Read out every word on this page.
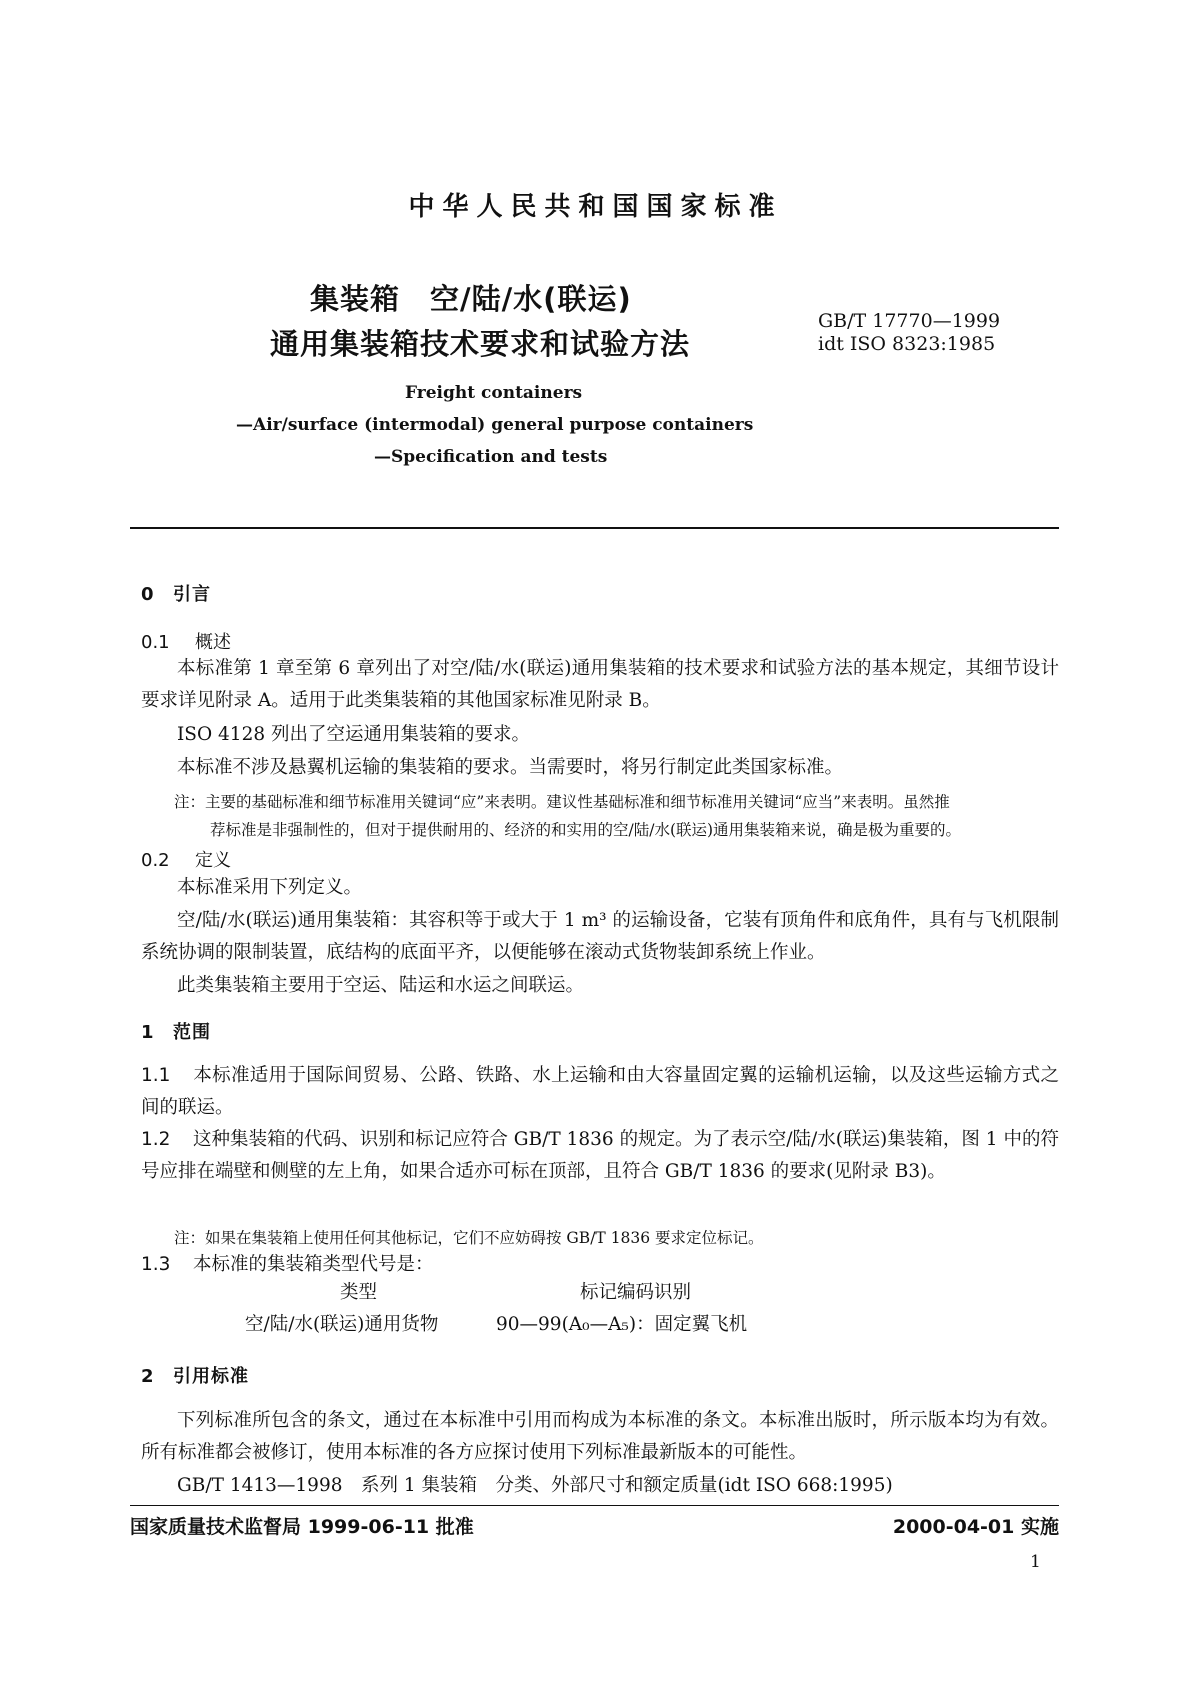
中华人民共和国国家标准
集装箱　空/陆/水(联运)
通用集装箱技术要求和试验方法
GB/T 17770—1999
idt ISO 8323:1985
Freight containers
—Air/surface (intermodal) general purpose containers
—Specification and tests
0 引言
0.1 概述
本标准第 1 章至第 6 章列出了对空/陆/水(联运)通用集装箱的技术要求和试验方法的基本规定，其细节设计要求详见附录 A。适用于此类集装箱的其他国家标准见附录 B。
ISO 4128 列出了空运通用集装箱的要求。
本标准不涉及悬翼机运输的集装箱的要求。当需要时，将另行制定此类国家标准。
注：主要的基础标准和细节标准用关键词“应”来表明。建议性基础标准和细节标准用关键词“应当”来表明。虽然推
荐标准是非强制性的，但对于提供耐用的、经济的和实用的空/陆/水(联运)通用集装箱来说，确是极为重要的。
0.2 定义
本标准采用下列定义。
空/陆/水(联运)通用集装箱：其容积等于或大于 1 m³ 的运输设备，它装有顶角件和底角件，具有与飞机限制系统协调的限制装置，底结构的底面平齐，以便能够在滚动式货物装卸系统上作业。
此类集装箱主要用于空运、陆运和水运之间联运。
1 范围
1.1 本标准适用于国际间贸易、公路、铁路、水上运输和由大容量固定翼的运输机运输，以及这些运输方式之间的联运。
1.2 这种集装箱的代码、识别和标记应符合 GB/T 1836 的规定。为了表示空/陆/水(联运)集装箱，图 1 中的符号应排在端壁和侧壁的左上角，如果合适亦可标在顶部，且符合 GB/T 1836 的要求(见附录 B3)。
注：如果在集装箱上使用任何其他标记，它们不应妨碍按 GB/T 1836 要求定位标记。
1.3 本标准的集装箱类型代号是：
类型	标记编码识别
空/陆/水(联运)通用货物	90—99(A₀—A₅)：固定翼飞机
2 引用标准
下列标准所包含的条文，通过在本标准中引用而构成为本标准的条文。本标准出版时，所示版本均为有效。所有标准都会被修订，使用本标准的各方应探讨使用下列标准最新版本的可能性。
GB/T 1413—1998　系列 1 集装箱　分类、外部尺寸和额定质量(idt ISO 668:1995)
国家质量技术监督局 1999-06-11 批准	2000-04-01 实施
1
